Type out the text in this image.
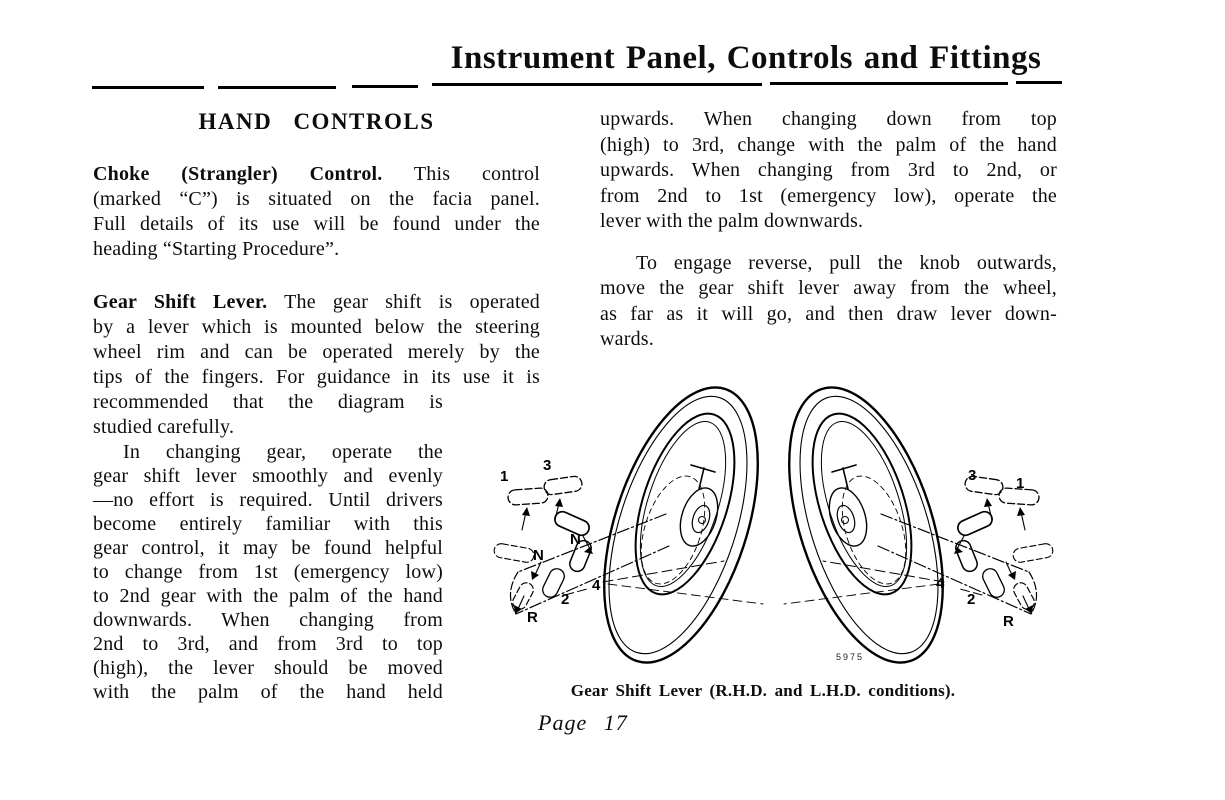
Instrument Panel, Controls and Fittings
HAND CONTROLS
Choke (Strangler) Control. This control
(marked “C”) is situated on the facia panel.
Full details of its use will be found under the
heading “Starting Procedure”.
Gear Shift Lever. The gear shift is operated
by a lever which is mounted below the steering
wheel rim and can be operated merely by the
tips of the fingers. For guidance in its use it is
recommended that the diagram is
studied carefully.
In changing gear, operate the
gear shift lever smoothly and evenly
—no effort is required. Until drivers
become entirely familiar with this
gear control, it may be found helpful
to change from 1st (emergency low)
to 2nd gear with the palm of the hand
downwards. When changing from
2nd to 3rd, and from 3rd to top
(high), the lever should be moved
with the palm of the hand held
upwards. When changing down from top
(high) to 3rd, change with the palm of the hand
upwards. When changing from 3rd to 2nd, or
from 2nd to 1st (emergency low), operate the
lever with the palm downwards.
To engage reverse, pull the knob outwards,
move the gear shift lever away from the wheel,
as far as it will go, and then draw lever down-
wards.
1
3
N
N
4
2
R
3	1
4
2
R
5975
Gear Shift Lever (R.H.D. and L.H.D. conditions).
Page 17
